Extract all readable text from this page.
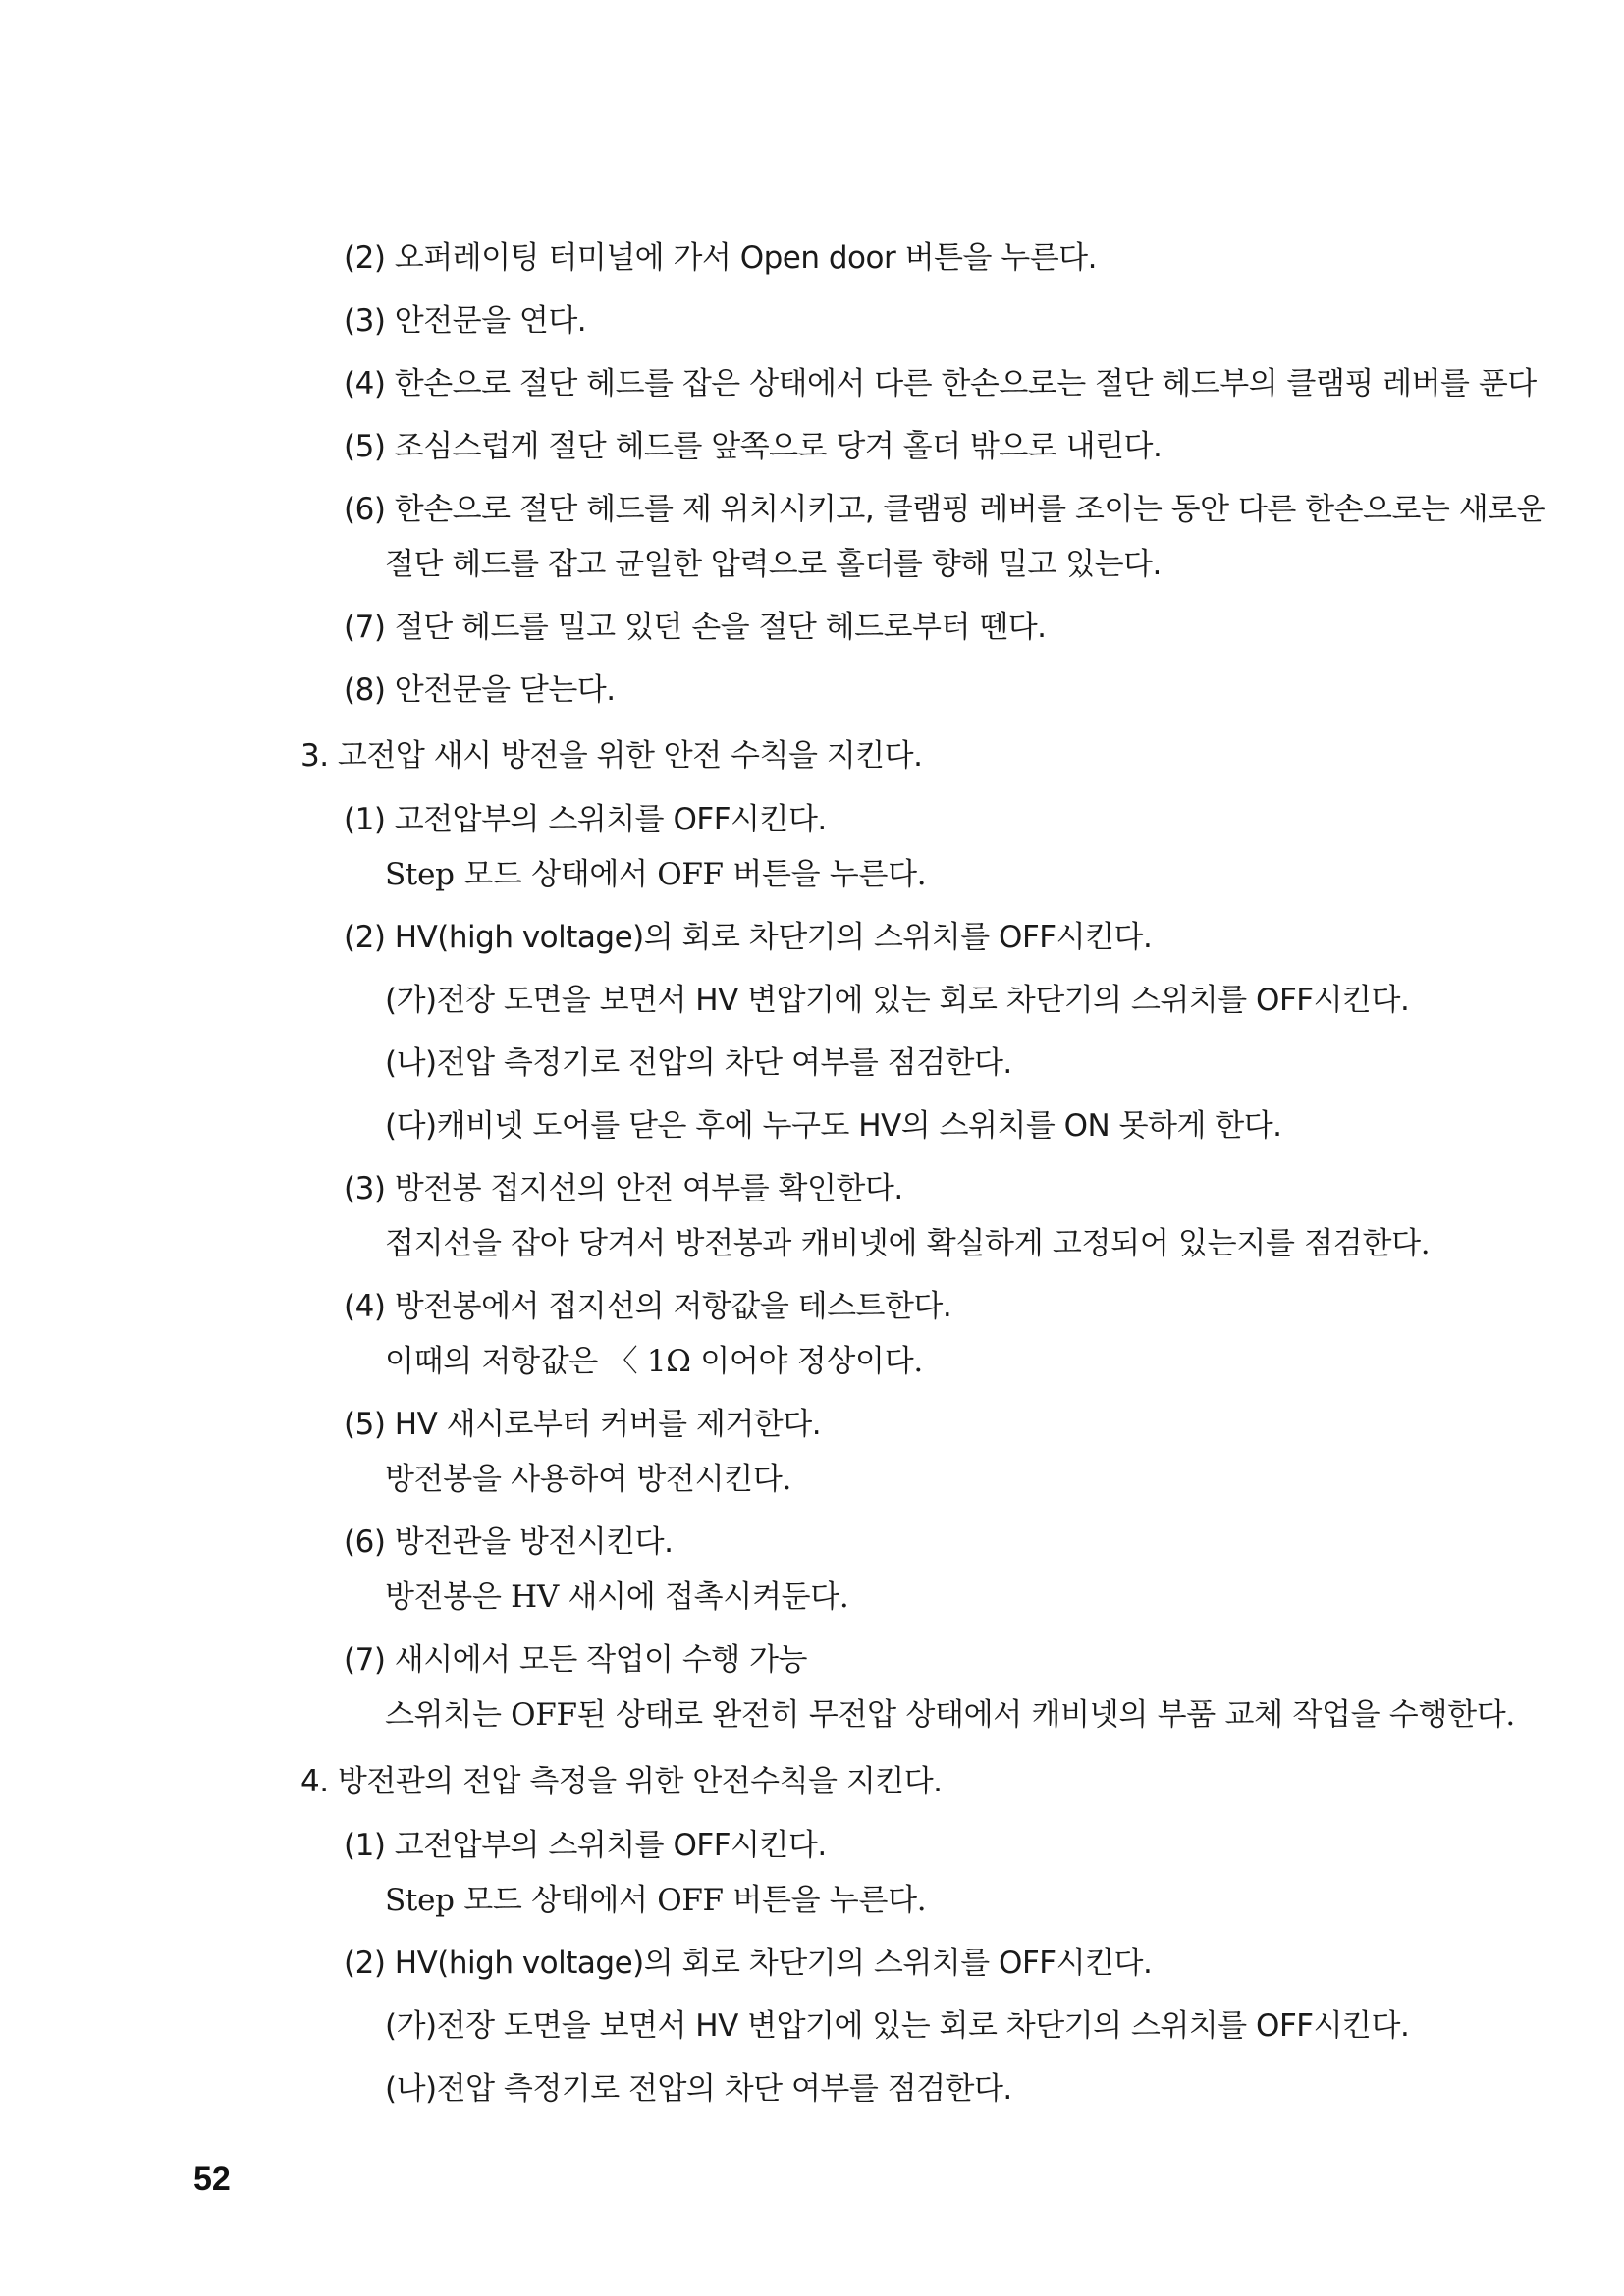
(2) 오퍼레이팅 터미널에 가서 Open door 버튼을 누른다.
(3) 안전문을 연다.
(4) 한손으로 절단 헤드를 잡은 상태에서 다른 한손으로는 절단 헤드부의 클램핑 레버를 푼다
(5) 조심스럽게 절단 헤드를 앞쪽으로 당겨 홀더 밖으로 내린다.
(6) 한손으로 절단 헤드를 제 위치시키고, 클램핑 레버를 조이는 동안 다른 한손으로는 새로운
절단 헤드를 잡고 균일한 압력으로 홀더를 향해 밀고 있는다.
(7) 절단 헤드를 밀고 있던 손을 절단 헤드로부터 뗀다.
(8) 안전문을 닫는다.
3. 고전압 새시 방전을 위한 안전 수칙을 지킨다.
(1) 고전압부의 스위치를 OFF시킨다.
Step 모드 상태에서 OFF 버튼을 누른다.
(2) HV(high voltage)의 회로 차단기의 스위치를 OFF시킨다.
(가)전장 도면을 보면서 HV 변압기에 있는 회로 차단기의 스위치를 OFF시킨다.
(나)전압 측정기로 전압의 차단 여부를 점검한다.
(다)캐비넷 도어를 닫은 후에 누구도 HV의 스위치를 ON 못하게 한다.
(3) 방전봉 접지선의 안전 여부를 확인한다.
접지선을 잡아 당겨서 방전봉과 캐비넷에 확실하게 고정되어 있는지를 점검한다.
(4) 방전봉에서 접지선의 저항값을 테스트한다.
이때의 저항값은 〈 1Ω 이어야 정상이다.
(5) HV 새시로부터 커버를 제거한다.
방전봉을 사용하여 방전시킨다.
(6) 방전관을 방전시킨다.
방전봉은 HV 새시에 접촉시켜둔다.
(7) 새시에서 모든 작업이 수행 가능
스위치는 OFF된 상태로 완전히 무전압 상태에서 캐비넷의 부품 교체 작업을 수행한다.
4. 방전관의 전압 측정을 위한 안전수칙을 지킨다.
(1) 고전압부의 스위치를 OFF시킨다.
Step 모드 상태에서 OFF 버튼을 누른다.
(2) HV(high voltage)의 회로 차단기의 스위치를 OFF시킨다.
(가)전장 도면을 보면서 HV 변압기에 있는 회로 차단기의 스위치를 OFF시킨다.
(나)전압 측정기로 전압의 차단 여부를 점검한다.
52
